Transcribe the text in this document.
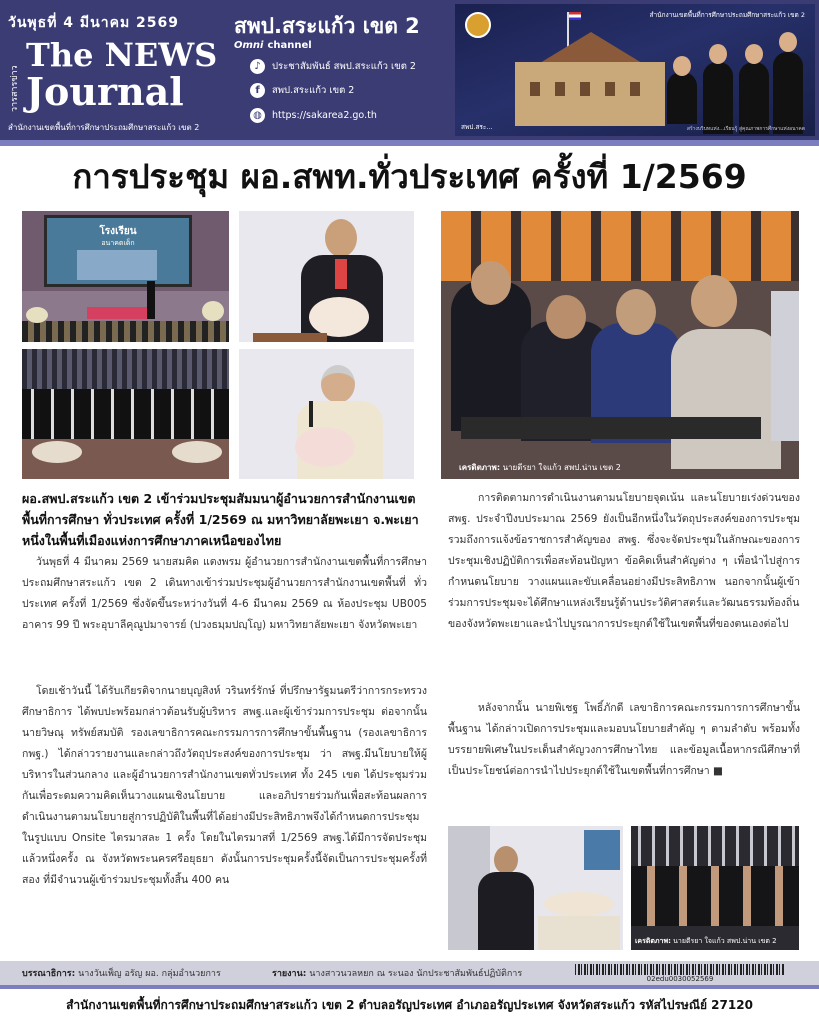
วันพุธที่ 4 มีนาคม 2569
วารสารข่าว
The NEWS
Journal
สำนักงานเขตพื้นที่การศึกษาประถมศึกษาสระแก้ว เขต 2
สพป.สระแก้ว เขต 2
Omni channel
♪	ประชาสัมพันธ์ สพป.สระแก้ว เขต 2
f	สพป.สระแก้ว เขต 2
◍	https://sakarea2.go.th
สำนักงานเขตพื้นที่การศึกษาประถมศึกษาสระแก้ว เขต 2
สพป.สระ...	สร้างบริบทแห่ง...เรียนรู้ สู่คุณภาพการศึกษาแห่งอนาคต
การประชุม ผอ.สพท.ทั่วประเทศ ครั้งที่ 1/2569
โรงเรียน
อนาคตเด็ก
เครดิตภาพ: นายตีรยา ใจแก้ว สพป.น่าน เขต 2
ผอ.สพป.สระแก้ว เขต 2 เข้าร่วมประชุมสัมมนาผู้อำนวยการสำนักงานเขตพื้นที่การศึกษา ทั่วประเทศ ครั้งที่ 1/2569 ณ มหาวิทยาลัยพะเยา จ.พะเยา หนึ่งในพื้นที่เมืองแห่งการศึกษาภาคเหนือของไทย
วันพุธที่ 4 มีนาคม 2569 นายสมคิด แตงพรม ผู้อำนวยการสำนักงานเขตพื้นที่การศึกษาประถมศึกษาสระแก้ว เขต 2 เดินทางเข้าร่วมประชุมผู้อำนวยการสำนักงานเขตพื้นที่ ทั่วประเทศ ครั้งที่ 1/2569 ซึ่งจัดขึ้นระหว่างวันที่ 4-6 มีนาคม 2569 ณ ห้องประชุม UB005 อาคาร 99 ปี พระอุบาลีคุณูปมาจารย์ (ปวงธมฺมปญฺโญ) มหาวิทยาลัยพะเยา จังหวัดพะเยา
โดยเช้าวันนี้ ได้รับเกียรติจากนายบุญสิงห์ วรินทร์รักษ์ ที่ปรึกษารัฐมนตรีว่าการกระทรวงศึกษาธิการ ได้พบปะพร้อมกล่าวต้อนรับผู้บริหาร สพฐ.และผู้เข้าร่วมการประชุม ต่อจากนั้น นายวิษณุ ทรัพย์สมบัติ รองเลขาธิการคณะกรรมการการศึกษาขั้นพื้นฐาน (รองเลขาธิการ กพฐ.) ได้กล่าวรายงานและกล่าวถึงวัตถุประสงค์ของการประชุม ว่า สพฐ.มีนโยบายให้ผู้บริหารในส่วนกลาง และผู้อำนวยการสำนักงานเขตทั่วประเทศ ทั้ง 245 เขต ได้ประชุมร่วมกันเพื่อระดมความคิดเห็นวางแผนเชิงนโยบาย และอภิปรายร่วมกันเพื่อสะท้อนผลการดำเนินงานตามนโยบายสู่การปฏิบัติในพื้นที่ได้อย่างมีประสิทธิภาพจึงได้กำหนดการประชุมในรูปแบบ Onsite ไตรมาสละ 1 ครั้ง โดยในไตรมาสที่ 1/2569 สพฐ.ได้มีการจัดประชุมแล้วหนึ่งครั้ง ณ จังหวัดพระนครศรีอยุธยา ดังนั้นการประชุมครั้งนี้จัดเป็นการประชุมครั้งที่สอง ที่มีจำนวนผู้เข้าร่วมประชุมทั้งสิ้น 400 คน
การติดตามการดำเนินงานตามนโยบายจุดเน้น และนโยบายเร่งด่วนของ สพฐ. ประจำปีงบประมาณ 2569 ยังเป็นอีกหนึ่งในวัตถุประสงค์ของการประชุม รวมถึงการแจ้งข้อราชการสำคัญของ สพฐ. ซึ่งจะจัดประชุมในลักษณะของการประชุมเชิงปฏิบัติการเพื่อสะท้อนปัญหา ข้อคิดเห็นสำคัญต่าง ๆ เพื่อนำไปสู่การกำหนดนโยบาย วางแผนและขับเคลื่อนอย่างมีประสิทธิภาพ นอกจากนั้นผู้เข้าร่วมการประชุมจะได้ศึกษาแหล่งเรียนรู้ด้านประวัติศาสตร์และวัฒนธรรมท้องถิ่นของจังหวัดพะเยาและนำไปบูรณาการประยุกต์ใช้ในเขตพื้นที่ของตนเองต่อไป
หลังจากนั้น นายพิเชฐ โพธิ์ภักดี เลขาธิการคณะกรรมการการศึกษาขั้นพื้นฐาน ได้กล่าวเปิดการประชุมและมอบนโยบายสำคัญ ๆ ตามลำดับ พร้อมทั้งบรรยายพิเศษในประเด็นสำคัญวงการศึกษาไทย และข้อมูลเนื้อหากรณีศึกษาที่เป็นประโยชน์ต่อการนำไปประยุกต์ใช้ในเขตพื้นที่การศึกษา ■
เครดิตภาพ: นายตีรยา ใจแก้ว สพป.น่าน เขต 2
บรรณาธิการ: นางวันเพ็ญ อรัญ ผอ. กลุ่มอำนวยการ	รายงาน: นางสาวนวลหยก ณ ระนอง นักประชาสัมพันธ์ปฏิบัติการ	02edu0030052569
สำนักงานเขตพื้นที่การศึกษาประถมศึกษาสระแก้ว เขต 2 ตำบลอรัญประเทศ อำเภออรัญประเทศ จังหวัดสระแก้ว รหัสไปรษณีย์ 27120
